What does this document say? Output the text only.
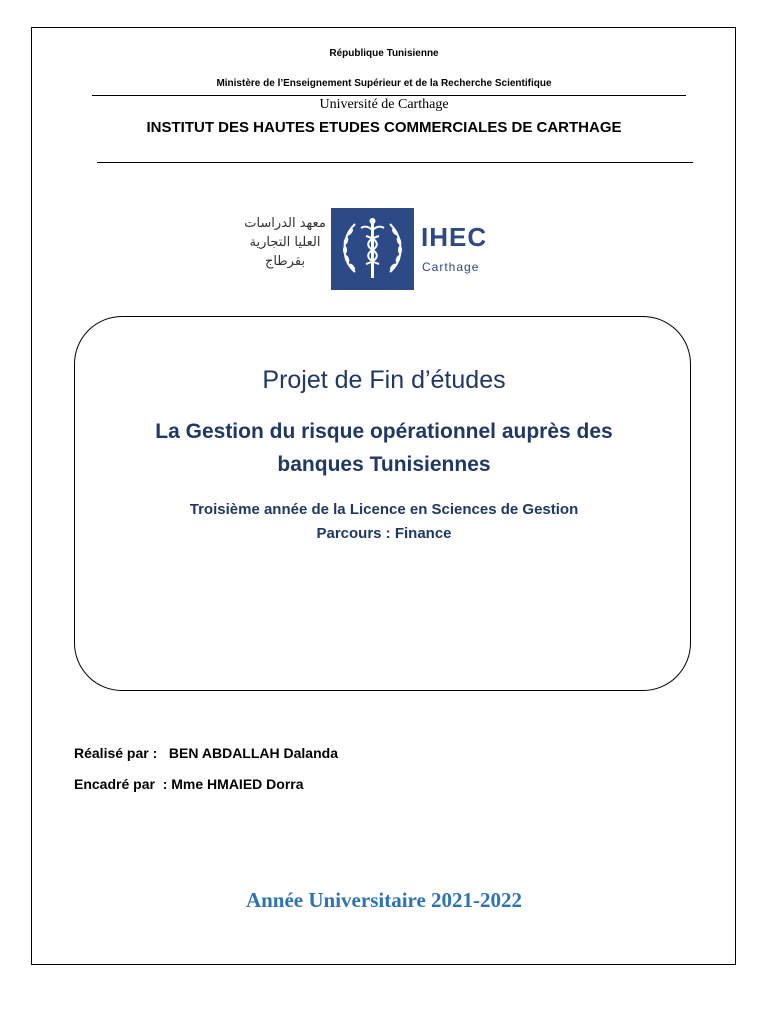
République Tunisienne
Ministère de l’Enseignement Supérieur et de la Recherche Scientifique
Université de Carthage
INSTITUT DES HAUTES ETUDES COMMERCIALES DE CARTHAGE
معهد الدراسات
العليا التجارية
بقرطاج
IHEC
Carthage
Projet de Fin d’études
La Gestion du risque opérationnel auprès des
banques Tunisiennes
Troisième année de la Licence en Sciences de Gestion
Parcours : Finance
Réalisé par :   BEN ABDALLAH Dalanda
Encadré par  : Mme HMAIED Dorra
Année Universitaire 2021-2022
